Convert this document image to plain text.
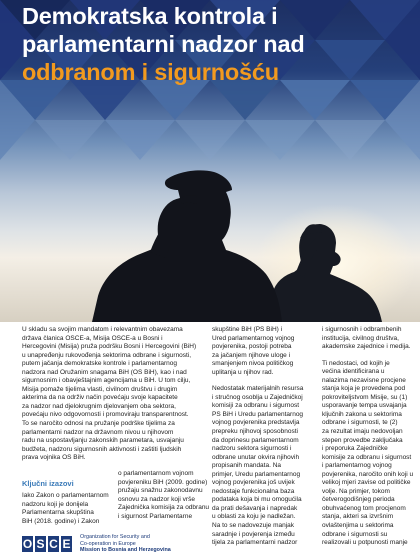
Demokratska kontrola i
parlamentarni nadzor nad
odbranom i sigurnošću

U skladu sa svojim mandatom i relevantnim obavezama

država članica OSCE-a, Misija OSCE-a u Bosni i

Hercegovini (Misija) pruža podršku Bosni i Hercegovini (BiH)

u unapređenju rukovođenja sektorima odbrane i sigurnosti,

putem jačanja demokratske kontrole i parlamentarnog

nadzora nad Oružanim snagama BiH (OS BiH), kao i nad

sigurnosnim i obavještajnim agencijama u BiH. U tom cilju,

Misija pomaže tijelima vlasti, civilnom društvu i drugim

akterima da na održiv način povećaju svoje kapacitete

za nadzor nad djelokrugnim djelovanjem oba sektora,

povećaju nivo odgovornosti i promoviraju transparentnost.

To se naročito odnosi na pružanje podrške tijelima za

parlamentarni nadzor na državnom nivou u njihovom

radu na uspostavljanju zakonskih parametara, usvajanju

budžeta, nadzoru sigurnosnih aktivnosti i zaštiti ljudskih

prava vojnika OS BiH.

Ključni izazovi

Iako Zakon o parlamentarnom

nadzoru koji je donijela

Parlamentarna skupština

BiH (2018. godine) i Zakon

o parlamentarnom vojnom

povjereniku BiH (2009. godine)

pružaju snažnu zakonodavnu

osnovu za nadzor koji vrše

Zajednička komisija za odbranu

i sigurnost Parlamentarne

skupštine BiH (PS BiH) i

Ured parlamentarnog vojnog

povjerenika, postoji potreba

za jačanjem njihove uloge i

smanjenjem nivoa političkog

uplitanja u njihov rad.

Nedostatak materijalnih resursa

i stručnog osoblja u Zajedničkoj

komisiji za odbranu i sigurnost

PS BiH i Uredu parlamentarnog

vojnog povjerenika predstavlja

prepreku njihovoj sposobnosti

da doprinesu parlamentarnom

nadzoru sektora sigurnosti i

odbrane unutar okvira njihovih

propisanih mandata. Na

primjer, Uredu parlamentarnog

vojnog povjerenika još uvijek

nedostaje funkcionalna baza

podataka koja bi mu omogućila

da prati dešavanja i napredak

u oblasti za koju je nadležan.

Na to se nadovezuje manjak

saradnje i povjerenja između

tijela za parlamentarni nadzor

i sigurnosnih i odbrambenih

institucija, civilnog društva,

akademske zajednice i medija.

Ti nedostaci, od kojih je

većina identificirana u

nalazima nezavisne procjene

stanja koja je provedena pod

pokroviteljstvom Misije, su (1)

usporavanje tempa usvajanja

ključnih zakona u sektorima

odbrane i sigurnosti, te (2)

za rezultat imaju nedovoljan

stepen provedbe zaključaka

i preporuka Zajedničke

komisije za odbranu i sigurnost

i parlamentarnog vojnog

povjerenika, naročito onih koji u

velikoj mjeri zavise od političke

volje. Na primjer, tokom

četverogodišnjeg perioda

obuhvaćenog tom procjenom

stanja, akteri sa izvršnim

ovlaštenjima u sektorima

odbrane i sigurnosti su

realizovali u potpunosti manje

O S C E Organization for Security and
Co-operation in Europe
Mission to Bosnia and Herzegovina
